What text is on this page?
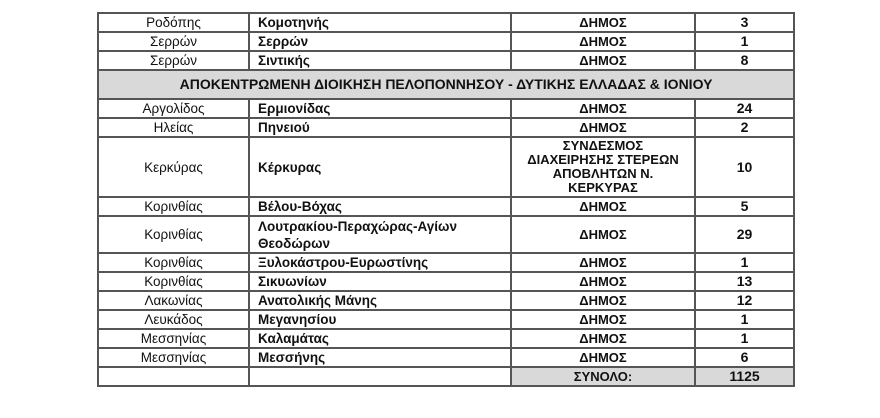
Ροδόπης	Κομοτηνής	ΔΗΜΟΣ	3
Σερρών	Σερρών	ΔΗΜΟΣ	1
Σερρών	Σιντικής	ΔΗΜΟΣ	8
ΑΠΟΚΕΝΤΡΩΜΕΝΗ ΔΙΟΙΚΗΣΗ ΠΕΛΟΠΟΝΝΗΣΟΥ - ΔΥΤΙΚΗΣ ΕΛΛΑΔΑΣ & ΙΟΝΙΟΥ			
Αργολίδος	Ερμιονίδας	ΔΗΜΟΣ	24
Ηλείας	Πηνειού	ΔΗΜΟΣ	2
Κερκύρας	Κέρκυρας	ΣΥΝΔΕΣΜΟΣ ΔΙΑΧΕΙΡΗΣΗΣ ΣΤΕΡΕΩΝ ΑΠΟΒΛΗΤΩΝ Ν. ΚΕΡΚΥΡΑΣ	10
Κορινθίας	Βέλου-Βόχας	ΔΗΜΟΣ	5
Κορινθίας	Λουτρακίου-Περαχώρας-Αγίων Θεοδώρων	ΔΗΜΟΣ	29
Κορινθίας	Ξυλοκάστρου-Ευρωστίνης	ΔΗΜΟΣ	1
Κορινθίας	Σικυωνίων	ΔΗΜΟΣ	13
Λακωνίας	Ανατολικής Μάνης	ΔΗΜΟΣ	12
Λευκάδος	Μεγανησίου	ΔΗΜΟΣ	1
Μεσσηνίας	Καλαμάτας	ΔΗΜΟΣ	1
Μεσσηνίας	Μεσσήνης	ΔΗΜΟΣ	6
		ΣΥΝΟΛΟ:	1125
